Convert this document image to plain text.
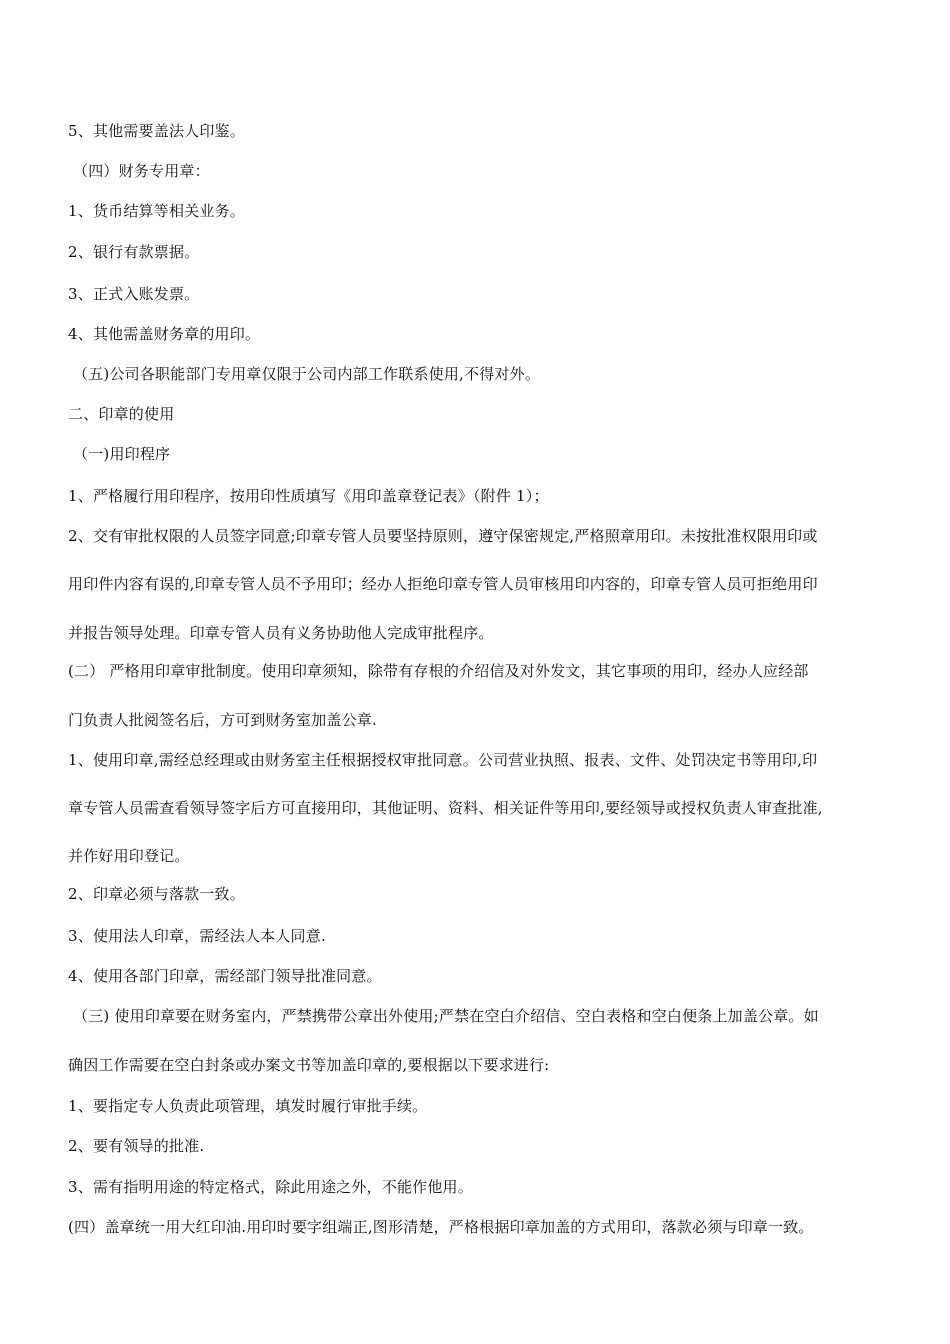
5、其他需要盖法人印鉴。
（四）财务专用章：
1、货币结算等相关业务。
2、银行有款票据。
3、正式入账发票。
4、其他需盖财务章的用印。
（五)公司各职能部门专用章仅限于公司内部工作联系使用,不得对外。
二、印章的使用
（一)用印程序
1、严格履行用印程序，按用印性质填写《用印盖章登记表》（附件 1）；
2、交有审批权限的人员签字同意;印章专管人员要坚持原则，遵守保密规定,严格照章用印。未按批准权限用印或
用印件内容有误的,印章专管人员不予用印；经办人拒绝印章专管人员审核用印内容的，印章专管人员可拒绝用印
并报告领导处理。印章专管人员有义务协助他人完成审批程序。
(二） 严格用印章审批制度。使用印章须知，除带有存根的介绍信及对外发文，其它事项的用印，经办人应经部
门负责人批阅签名后，方可到财务室加盖公章.
1、使用印章,需经总经理或由财务室主任根据授权审批同意。公司营业执照、报表、文件、处罚决定书等用印,印
章专管人员需查看领导签字后方可直接用印，其他证明、资料、相关证件等用印,要经领导或授权负责人审查批准,
并作好用印登记。
2、印章必须与落款一致。
3、使用法人印章，需经法人本人同意.
4、使用各部门印章，需经部门领导批准同意。
（三) 使用印章要在财务室内，严禁携带公章出外使用;严禁在空白介绍信、空白表格和空白便条上加盖公章。如
确因工作需要在空白封条或办案文书等加盖印章的,要根据以下要求进行:
1、要指定专人负责此项管理，填发时履行审批手续。
2、要有领导的批准.
3、需有指明用途的特定格式，除此用途之外，不能作他用。
(四）盖章统一用大红印油.用印时要字组端正,图形清楚，严格根据印章加盖的方式用印，落款必须与印章一致。
